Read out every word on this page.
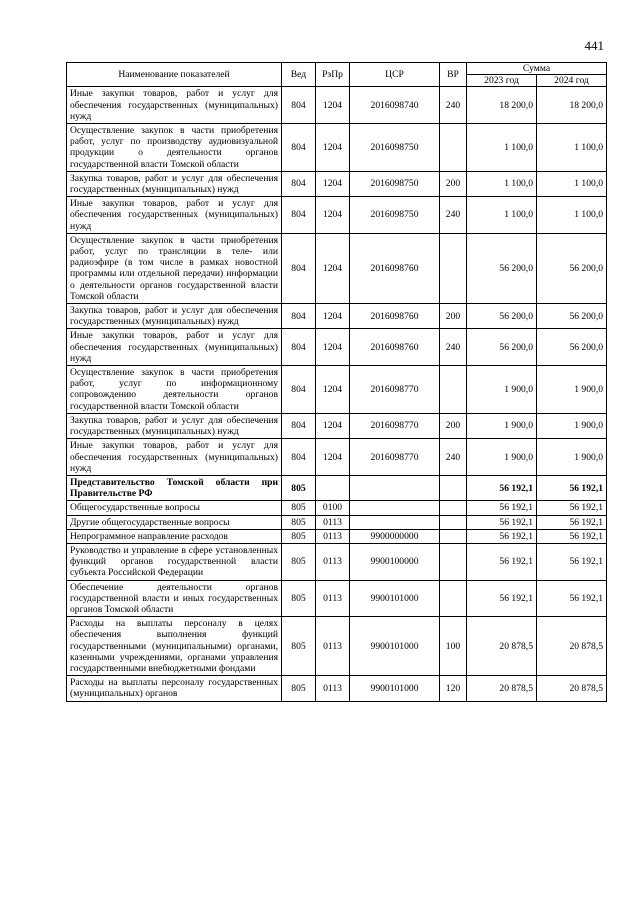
441
Наименование показателей	Вед	РзПр	ЦСР	ВР	Сумма	
					2023 год	2024 год
Иные закупки товаров, работ и услуг для обеспечения государственных (муниципальных) нужд	804	1204	2016098740	240	18 200,0	18 200,0
Осуществление закупок в части приобретения работ, услуг по производству аудиовизуальной продукции о деятельности органов государственной власти Томской области	804	1204	2016098750		1 100,0	1 100,0
Закупка товаров, работ и услуг для обеспечения государственных (муниципальных) нужд	804	1204	2016098750	200	1 100,0	1 100,0
Иные закупки товаров, работ и услуг для обеспечения государственных (муниципальных) нужд	804	1204	2016098750	240	1 100,0	1 100,0
Осуществление закупок в части приобретения работ, услуг по трансляции в теле- или радиоэфире (в том числе в рамках новостной программы или отдельной передачи) информации о деятельности органов государственной власти Томской области	804	1204	2016098760		56 200,0	56 200,0
Закупка товаров, работ и услуг для обеспечения государственных (муниципальных) нужд	804	1204	2016098760	200	56 200,0	56 200,0
Иные закупки товаров, работ и услуг для обеспечения государственных (муниципальных) нужд	804	1204	2016098760	240	56 200,0	56 200,0
Осуществление закупок в части приобретения работ, услуг по информационному сопровождению деятельности органов государственной власти Томской области	804	1204	2016098770		1 900,0	1 900,0
Закупка товаров, работ и услуг для обеспечения государственных (муниципальных) нужд	804	1204	2016098770	200	1 900,0	1 900,0
Иные закупки товаров, работ и услуг для обеспечения государственных (муниципальных) нужд	804	1204	2016098770	240	1 900,0	1 900,0
Представительство Томской области при Правительстве РФ	805				56 192,1	56 192,1
Общегосударственные вопросы	805	0100			56 192,1	56 192,1
Другие общегосударственные вопросы	805	0113			56 192,1	56 192,1
Непрограммное направление расходов	805	0113	9900000000		56 192,1	56 192,1
Руководство и управление в сфере установленных функций органов государственной власти субъекта Российской Федерации	805	0113	9900100000		56 192,1	56 192,1
Обеспечение деятельности органов государственной власти и иных государственных органов Томской области	805	0113	9900101000		56 192,1	56 192,1
Расходы на выплаты персоналу в целях обеспечения выполнения функций государственными (муниципальными) органами, казенными учреждениями, органами управления государственными внебюджетными фондами	805	0113	9900101000	100	20 878,5	20 878,5
Расходы на выплаты персоналу государственных (муниципальных) органов	805	0113	9900101000	120	20 878,5	20 878,5
